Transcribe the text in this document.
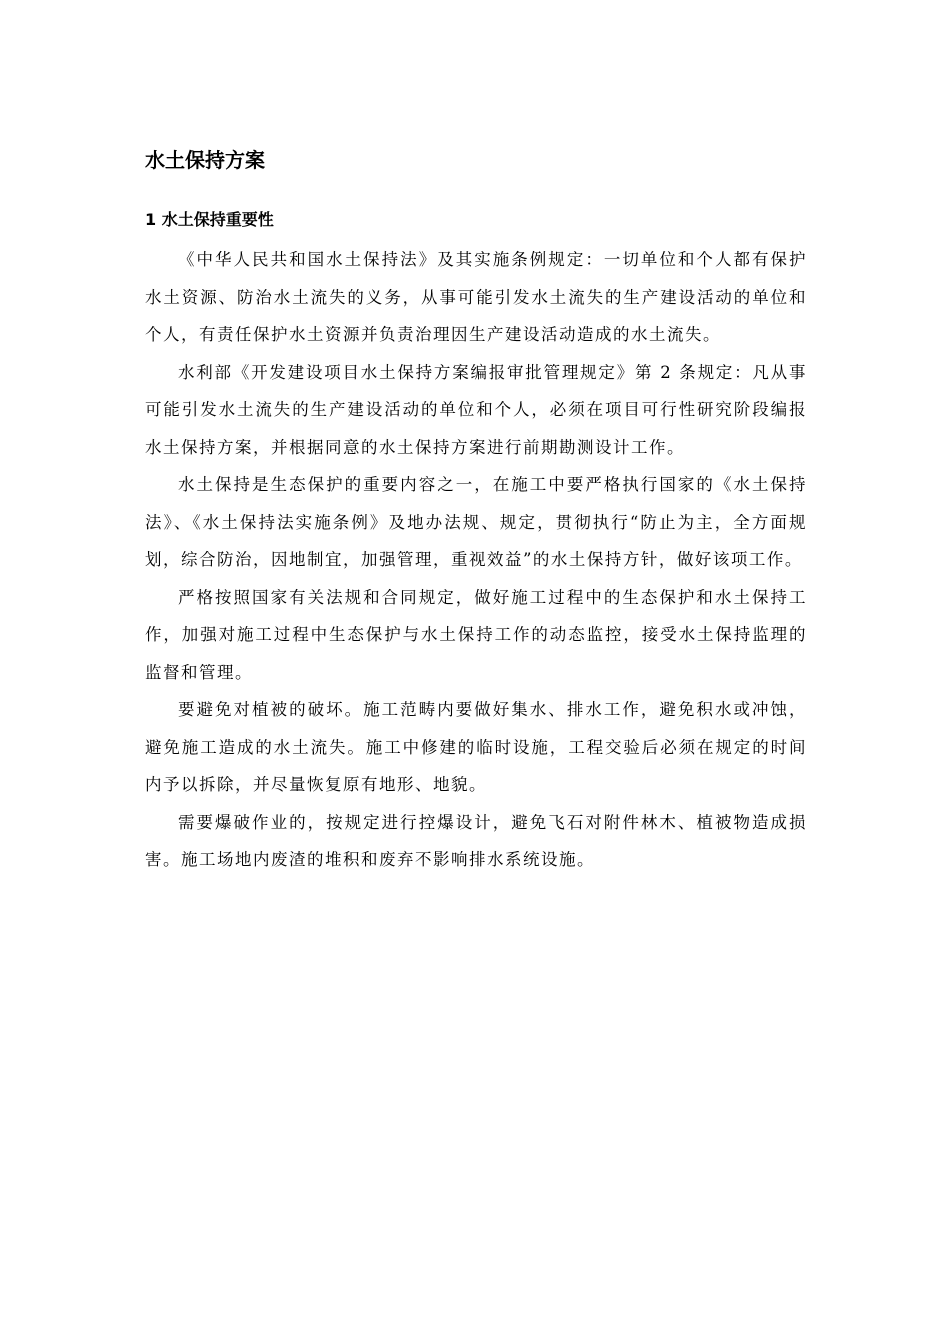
水土保持方案
1 水土保持重要性

《中华人民共和国水土保持法》及其实施条例规定：一切单位和个人都有保护水土资源、防治水土流失的义务，从事可能引发水土流失的生产建设活动的单位和个人，有责任保护水土资源并负责治理因生产建设活动造成的水土流失。

水利部《开发建设项目水土保持方案编报审批管理规定》第 2 条规定：凡从事可能引发水土流失的生产建设活动的单位和个人，必须在项目可行性研究阶段编报水土保持方案，并根据同意的水土保持方案进行前期勘测设计工作。

水土保持是生态保护的重要内容之一，在施工中要严格执行国家的《水土保持法》、《水土保持法实施条例》及地办法规、规定，贯彻执行“防止为主，全方面规划，综合防治，因地制宜，加强管理，重视效益”的水土保持方针，做好该项工作。

严格按照国家有关法规和合同规定，做好施工过程中的生态保护和水土保持工作，加强对施工过程中生态保护与水土保持工作的动态监控，接受水土保持监理的监督和管理。

要避免对植被的破坏。施工范畴内要做好集水、排水工作，避免积水或冲蚀，避免施工造成的水土流失。施工中修建的临时设施，工程交验后必须在规定的时间内予以拆除，并尽量恢复原有地形、地貌。

需要爆破作业的，按规定进行控爆设计，避免飞石对附件林木、植被物造成损害。施工场地内废渣的堆积和废弃不影响排水系统设施。
